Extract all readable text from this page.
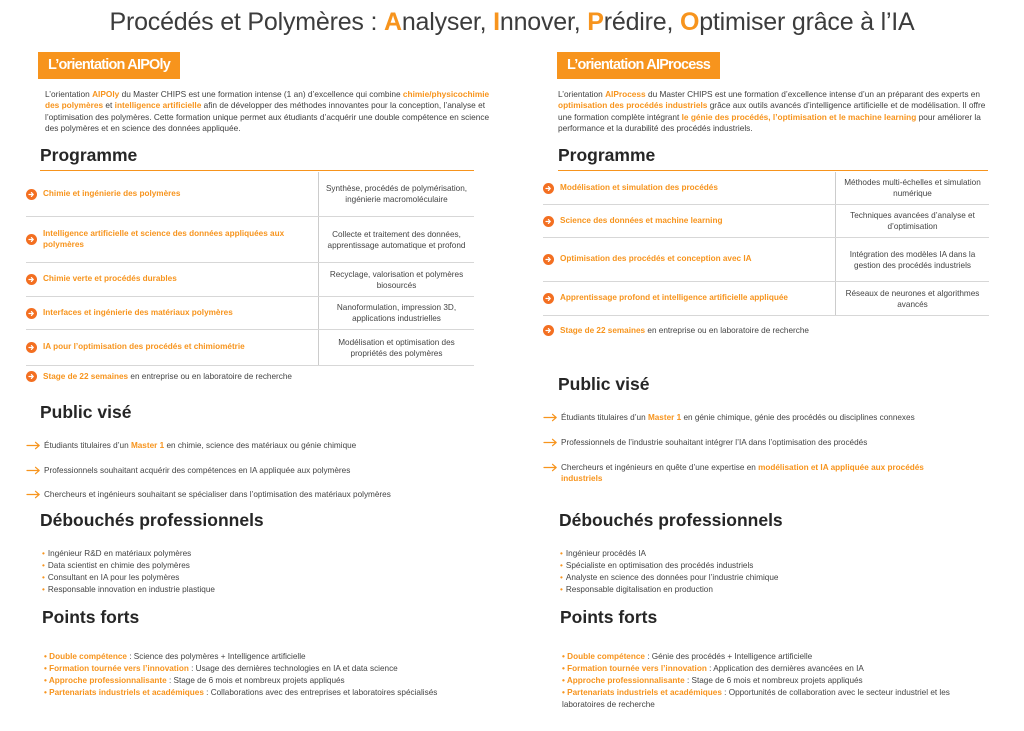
Procédés et Polymères : Analyser, Innover, Prédire, Optimiser grâce à l’IA
L’orientation AIPOly
L’orientation AIPOly du Master CHIPS est une formation intense (1 an) d’excellence qui combine chimie/physicochimie des polymères et intelligence artificielle afin de développer des méthodes innovantes pour la conception, l’analyse et l’optimisation des polymères. Cette formation unique permet aux étudiants d’acquérir une double compétence en science des polymères et en science des données appliquée.
Programme
Chimie et ingénierie des polymères
Synthèse, procédés de polymérisation, ingénierie macromoléculaire
Intelligence artificielle et science des données appliquées aux polymères
Collecte et traitement des données, apprentissage automatique et profond
Chimie verte et procédés durables
Recyclage, valorisation et polymères biosourcés
Interfaces et ingénierie des matériaux polymères
Nanoformulation, impression 3D, applications industrielles
IA pour l’optimisation des procédés et chimiométrie
Modélisation et optimisation des propriétés des polymères
Stage de 22 semaines en entreprise ou en laboratoire de recherche
Public visé
Étudiants titulaires d’un Master 1 en chimie, science des matériaux ou génie chimique
Professionnels souhaitant acquérir des compétences en IA appliquée aux polymères
Chercheurs et ingénieurs souhaitant se spécialiser dans l’optimisation des matériaux polymères
Débouchés professionnels
• Ingénieur R&D en matériaux polymères
• Data scientist en chimie des polymères
• Consultant en IA pour les polymères
• Responsable innovation en industrie plastique
Points forts
• Double compétence : Science des polymères + Intelligence artificielle
• Formation tournée vers l’innovation : Usage des dernières technologies en IA et data science
• Approche professionnalisante : Stage de 6 mois et nombreux projets appliqués
• Partenariats industriels et académiques : Collaborations avec des entreprises et laboratoires spécialisés
L’orientation AIProcess
L’orientation AIProcess du Master CHIPS est une formation d’excellence intense d’un an préparant des experts en optimisation des procédés industriels grâce aux outils avancés d’intelligence artificielle et de modélisation. Il offre une formation complète intégrant le génie des procédés, l’optimisation et le machine learning pour améliorer la performance et la durabilité des procédés industriels.
Programme
Modélisation et simulation des procédés
Méthodes multi-échelles et simulation numérique
Science des données et machine learning
Techniques avancées d’analyse et d’optimisation
Optimisation des procédés et conception avec IA
Intégration des modèles IA dans la gestion des procédés industriels
Apprentissage profond et intelligence artificielle appliquée
Réseaux de neurones et algorithmes avancés
Stage de 22 semaines en entreprise ou en laboratoire de recherche
Public visé
Étudiants titulaires d’un Master 1 en génie chimique, génie des procédés ou disciplines connexes
Professionnels de l’industrie souhaitant intégrer l’IA dans l’optimisation des procédés
Chercheurs et ingénieurs en quête d’une expertise en modélisation et IA appliquée aux procédés industriels
Débouchés professionnels
• Ingénieur procédés IA
• Spécialiste en optimisation des procédés industriels
• Analyste en science des données pour l’industrie chimique
• Responsable digitalisation en production
Points forts
• Double compétence : Génie des procédés + Intelligence artificielle
• Formation tournée vers l’innovation : Application des dernières avancées en IA
• Approche professionnalisante : Stage de 6 mois et nombreux projets appliqués
• Partenariats industriels et académiques : Opportunités de collaboration avec le secteur industriel et les laboratoires de recherche
